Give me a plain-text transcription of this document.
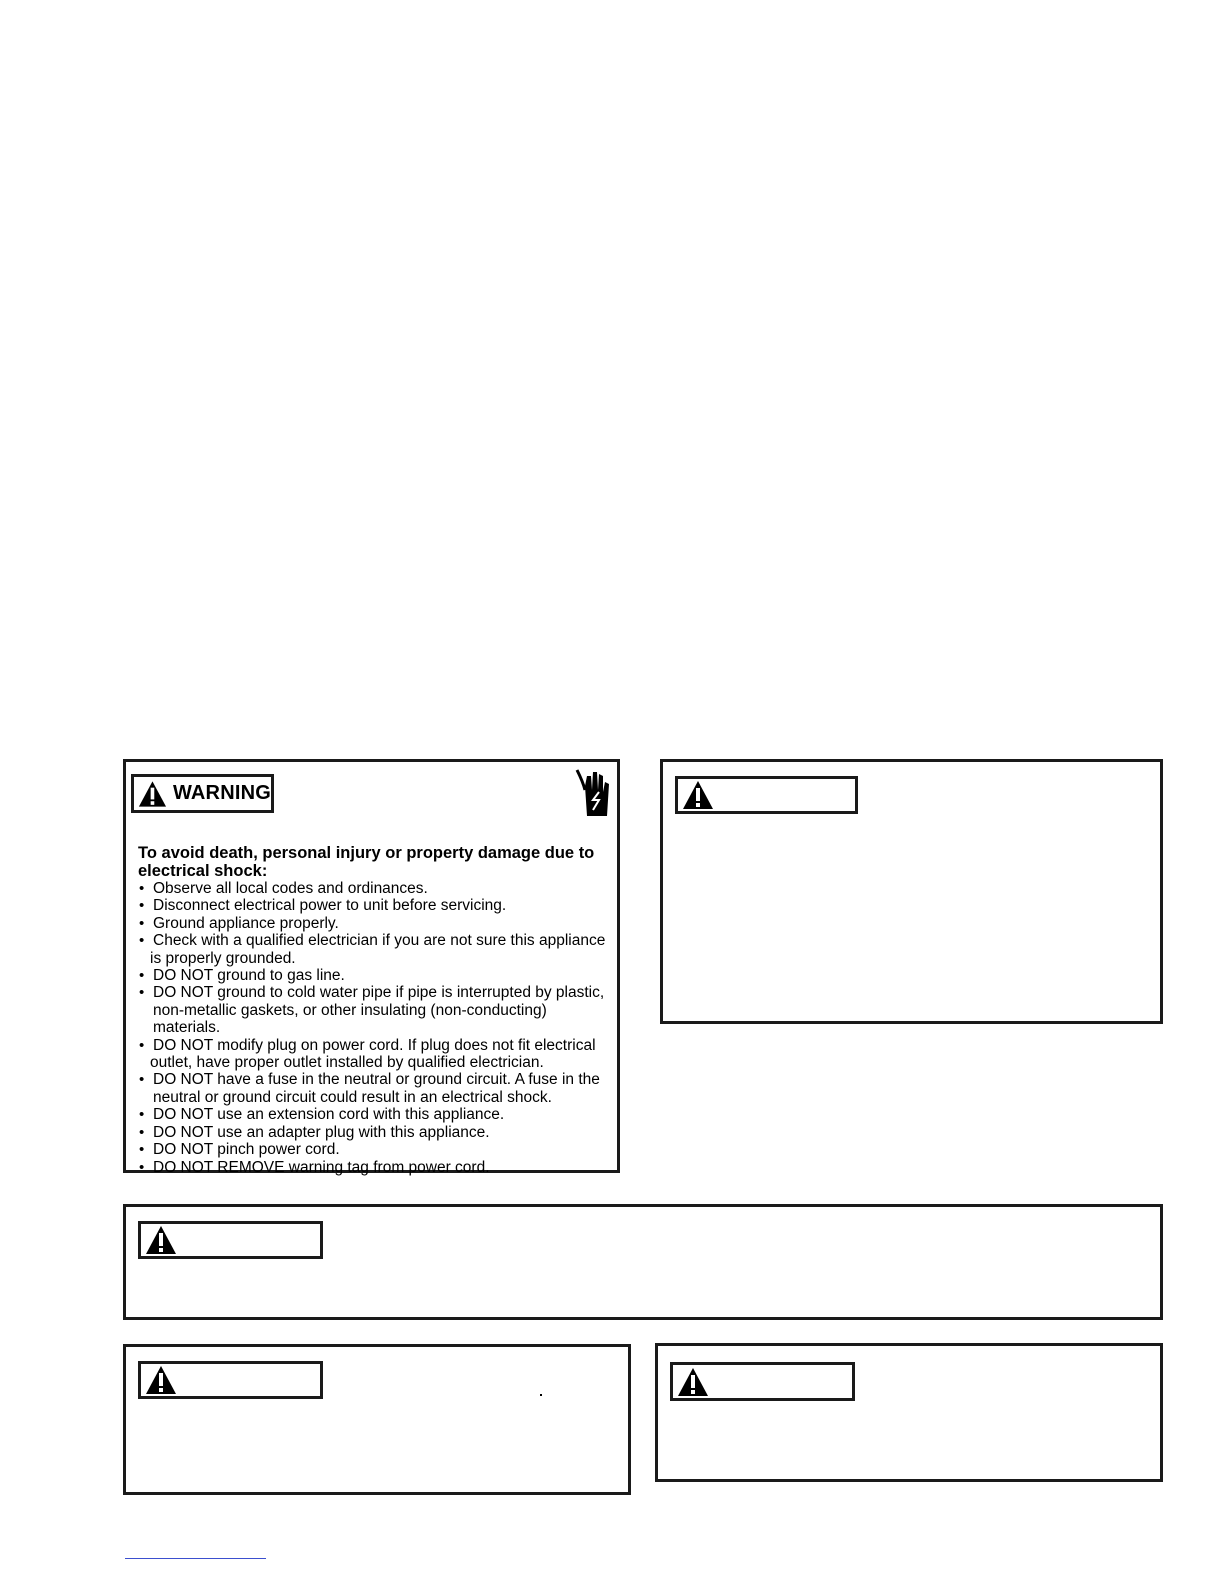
WARNING

To avoid death, personal injury or property damage due to electrical shock:

• Observe all local codes and ordinances.
• Disconnect electrical power to unit before servicing.
• Ground appliance properly.
• Check with a qualified electrician if you are not sure this appliance
is properly grounded.
• DO NOT ground to gas line.
• DO NOT ground to cold water pipe if pipe is interrupted by plastic,
non-metallic gaskets, or other insulating (non-conducting) materials.
• DO NOT modify plug on power cord. If plug does not fit electrical
outlet, have proper outlet installed by qualified electrician.
• DO NOT have a fuse in the neutral or ground circuit. A fuse in the
neutral or ground circuit could result in an electrical shock.
• DO NOT use an extension cord with this appliance.
• DO NOT use an adapter plug with this appliance.
• DO NOT pinch power cord.
• DO NOT REMOVE warning tag from power cord.
